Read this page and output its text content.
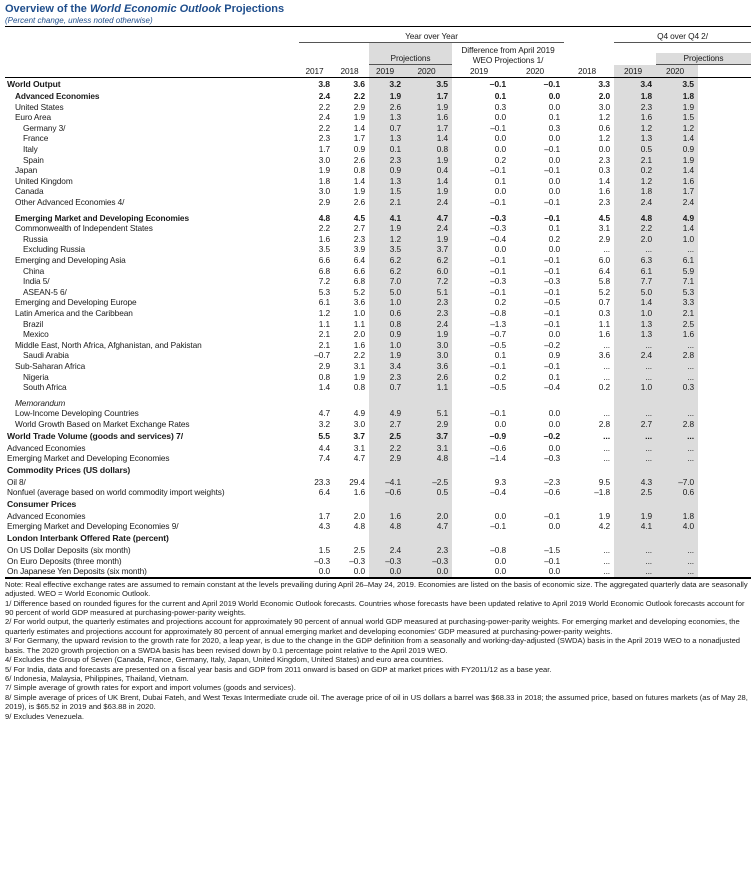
Overview of the World Economic Outlook Projections
(Percent change, unless noted otherwise)

	Year over Year							Q4 over Q4 2/		
					Difference from April 2019 WEO Projections 1/					
			Projections						Projections	
	2017	2018	2019	2020	2019	2020	2018	2019	2020	
World Output	3.8	3.6	3.2	3.5	–0.1	–0.1	3.3	3.4	3.5	
Advanced Economies	2.4	2.2	1.9	1.7	0.1	0.0	2.0	1.8	1.8	
United States	2.2	2.9	2.6	1.9	0.3	0.0	3.0	2.3	1.9	
Euro Area	2.4	1.9	1.3	1.6	0.0	0.1	1.2	1.6	1.5	
Germany 3/	2.2	1.4	0.7	1.7	–0.1	0.3	0.6	1.2	1.2	
France	2.3	1.7	1.3	1.4	0.0	0.0	1.2	1.3	1.4	
Italy	1.7	0.9	0.1	0.8	0.0	–0.1	0.0	0.5	0.9	
Spain	3.0	2.6	2.3	1.9	0.2	0.0	2.3	2.1	1.9	
Japan	1.9	0.8	0.9	0.4	–0.1	–0.1	0.3	0.2	1.4	
United Kingdom	1.8	1.4	1.3	1.4	0.1	0.0	1.4	1.2	1.6	
Canada	3.0	1.9	1.5	1.9	0.0	0.0	1.6	1.8	1.7	
Other Advanced Economies 4/	2.9	2.6	2.1	2.4	–0.1	–0.1	2.3	2.4	2.4	

Emerging Market and Developing Economies	4.8	4.5	4.1	4.7	–0.3	–0.1	4.5	4.8	4.9	
Commonwealth of Independent States	2.2	2.7	1.9	2.4	–0.3	0.1	3.1	2.2	1.4	
Russia	1.6	2.3	1.2	1.9	–0.4	0.2	2.9	2.0	1.0	
Excluding Russia	3.5	3.9	3.5	3.7	0.0	0.0	...	...	...	
Emerging and Developing Asia	6.6	6.4	6.2	6.2	–0.1	–0.1	6.0	6.3	6.1	
China	6.8	6.6	6.2	6.0	–0.1	–0.1	6.4	6.1	5.9	
India 5/	7.2	6.8	7.0	7.2	–0.3	–0.3	5.8	7.7	7.1	
ASEAN-5 6/	5.3	5.2	5.0	5.1	–0.1	–0.1	5.2	5.0	5.3	
Emerging and Developing Europe	6.1	3.6	1.0	2.3	0.2	–0.5	0.7	1.4	3.3	
Latin America and the Caribbean	1.2	1.0	0.6	2.3	–0.8	–0.1	0.3	1.0	2.1	
Brazil	1.1	1.1	0.8	2.4	–1.3	–0.1	1.1	1.3	2.5	
Mexico	2.1	2.0	0.9	1.9	–0.7	0.0	1.6	1.3	1.6	
Middle East, North Africa, Afghanistan, and Pakistan	2.1	1.6	1.0	3.0	–0.5	–0.2	...	...	...	
Saudi Arabia	–0.7	2.2	1.9	3.0	0.1	0.9	3.6	2.4	2.8	
Sub-Saharan Africa	2.9	3.1	3.4	3.6	–0.1	–0.1	...	...	...	
Nigeria	0.8	1.9	2.3	2.6	0.2	0.1	...	...	...	
South Africa	1.4	0.8	0.7	1.1	–0.5	–0.4	0.2	1.0	0.3	

Memorandum										
Low-Income Developing Countries	4.7	4.9	4.9	5.1	–0.1	0.0	...	...	...	
World Growth Based on Market Exchange Rates	3.2	3.0	2.7	2.9	0.0	0.0	2.8	2.7	2.8	
World Trade Volume (goods and services) 7/	5.5	3.7	2.5	3.7	–0.9	–0.2	...	...	...	
Advanced Economies	4.4	3.1	2.2	3.1	–0.6	0.0	...	...	...	
Emerging Market and Developing Economies	7.4	4.7	2.9	4.8	–1.4	–0.3	...	...	...	
Commodity Prices (US dollars)										
Oil 8/	23.3	29.4	–4.1	–2.5	9.3	–2.3	9.5	4.3	–7.0	
Nonfuel (average based on world commodity import weights)	6.4	1.6	–0.6	0.5	–0.4	–0.6	–1.8	2.5	0.6	
Consumer Prices										
Advanced Economies	1.7	2.0	1.6	2.0	0.0	–0.1	1.9	1.9	1.8	
Emerging Market and Developing Economies 9/	4.3	4.8	4.8	4.7	–0.1	0.0	4.2	4.1	4.0	
London Interbank Offered Rate (percent)										
On US Dollar Deposits (six month)	1.5	2.5	2.4	2.3	–0.8	–1.5	...	...	...	
On Euro Deposits (three month)	–0.3	–0.3	–0.3	–0.3	0.0	–0.1	...	...	...	
On Japanese Yen Deposits (six month)	0.0	0.0	0.0	0.0	0.0	0.0	...	...	...	
Note: Real effective exchange rates are assumed to remain constant at the levels prevailing during April 26–May 24, 2019. Economies are listed on the basis of economic size. The aggregated quarterly data are seasonally adjusted. WEO = World Economic Outlook.
1/ Difference based on rounded figures for the current and April 2019 World Economic Outlook forecasts. Countries whose forecasts have been updated relative to April 2019 World Economic Outlook forecasts account for 90 percent of world GDP measured at purchasing-power-parity weights.
2/ For world output, the quarterly estimates and projections account for approximately 90 percent of annual world GDP measured at purchasing-power-parity weights. For emerging market and developing economies, the quarterly estimates and projections account for approximately 80 percent of annual emerging market and developing economies' GDP measured at purchasing-power-parity weights.
3/ For Germany, the upward revision to the growth rate for 2020, a leap year, is due to the change in the GDP definition from a seasonally and working-day-adjusted (SWDA) basis in the April 2019 WEO to a nonadjusted basis. The 2020 growth projection on a SWDA basis has been revised down by 0.1 percentage point relative to the April 2019 WEO.
4/ Excludes the Group of Seven (Canada, France, Germany, Italy, Japan, United Kingdom, United States) and euro area countries.
5/ For India, data and forecasts are presented on a fiscal year basis and GDP from 2011 onward is based on GDP at market prices with FY2011/12 as a base year.
6/ Indonesia, Malaysia, Philippines, Thailand, Vietnam.
7/ Simple average of growth rates for export and import volumes (goods and services).
8/ Simple average of prices of UK Brent, Dubai Fateh, and West Texas Intermediate crude oil. The average price of oil in US dollars a barrel was $68.33 in 2018; the assumed price, based on futures markets (as of May 28, 2019), is $65.52 in 2019 and $63.88 in 2020.
9/ Excludes Venezuela.
